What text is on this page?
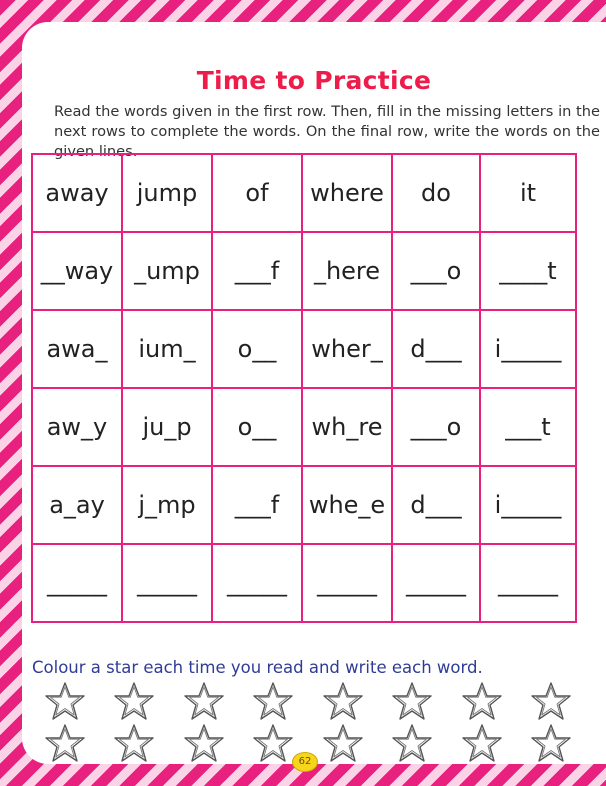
Time to Practice

Read the words given in the first row. Then, fill in the missing letters in the next rows to complete the words. On the final row, write the words on the given lines.

away	jump	of	where	do	it
__way	_ump	___f	_here	___o	____t
awa_	ium_	o__	wher_	d___	i_____
aw_y	ju_p	o__	wh_re	___o	___t
a_ay	j_mp	___f	whe_e	d___	i_____
_____	_____	_____	_____	_____	_____
Colour a star each time you read and write each word.
62
